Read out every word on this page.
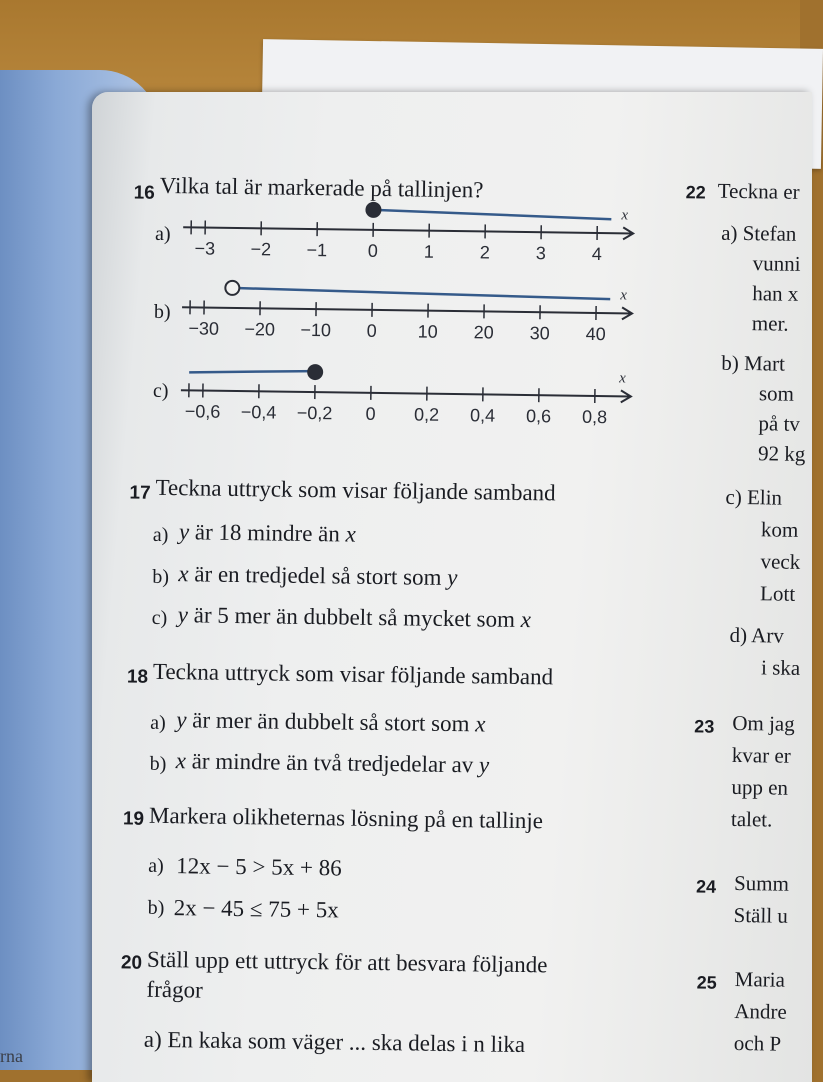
rna
16 Vilka tal är markerade på tallinjen?
x
−3 −2 −1 0	1	2	3	4
x
−30 −20 −10 0 10 20 30 40
x
−0,6 −0,4 −0,2 0 0,2 0,4 0,6 0,8
a)
b)
c)
17 Teckna uttryck som visar följande samband
a) y är 18 mindre än x
b) x är en tredjedel så stort som y
c) y är 5 mer än dubbelt så mycket som x
18 Teckna uttryck som visar följande samband
a) y är mer än dubbelt så stort som x
b) x är mindre än två tredjedelar av y
19 Markera olikheternas lösning på en tallinje
a) 12x − 5 > 5x + 86
b) 2x − 45 ≤ 75 + 5x
20 Ställ upp ett uttryck för att besvara följande
frågor
a) En kaka som väger ... ska delas i n lika
22 Teckna er
a) Stefan
vunni
han x
mer.
b) Mart
som
på tv
92 kg
c) Elin
kom
veck
Lott
d) Arv
i ska
23 Om jag
kvar er
upp en
talet.
24 Summ
Ställ u
25 Maria
Andre
och P
